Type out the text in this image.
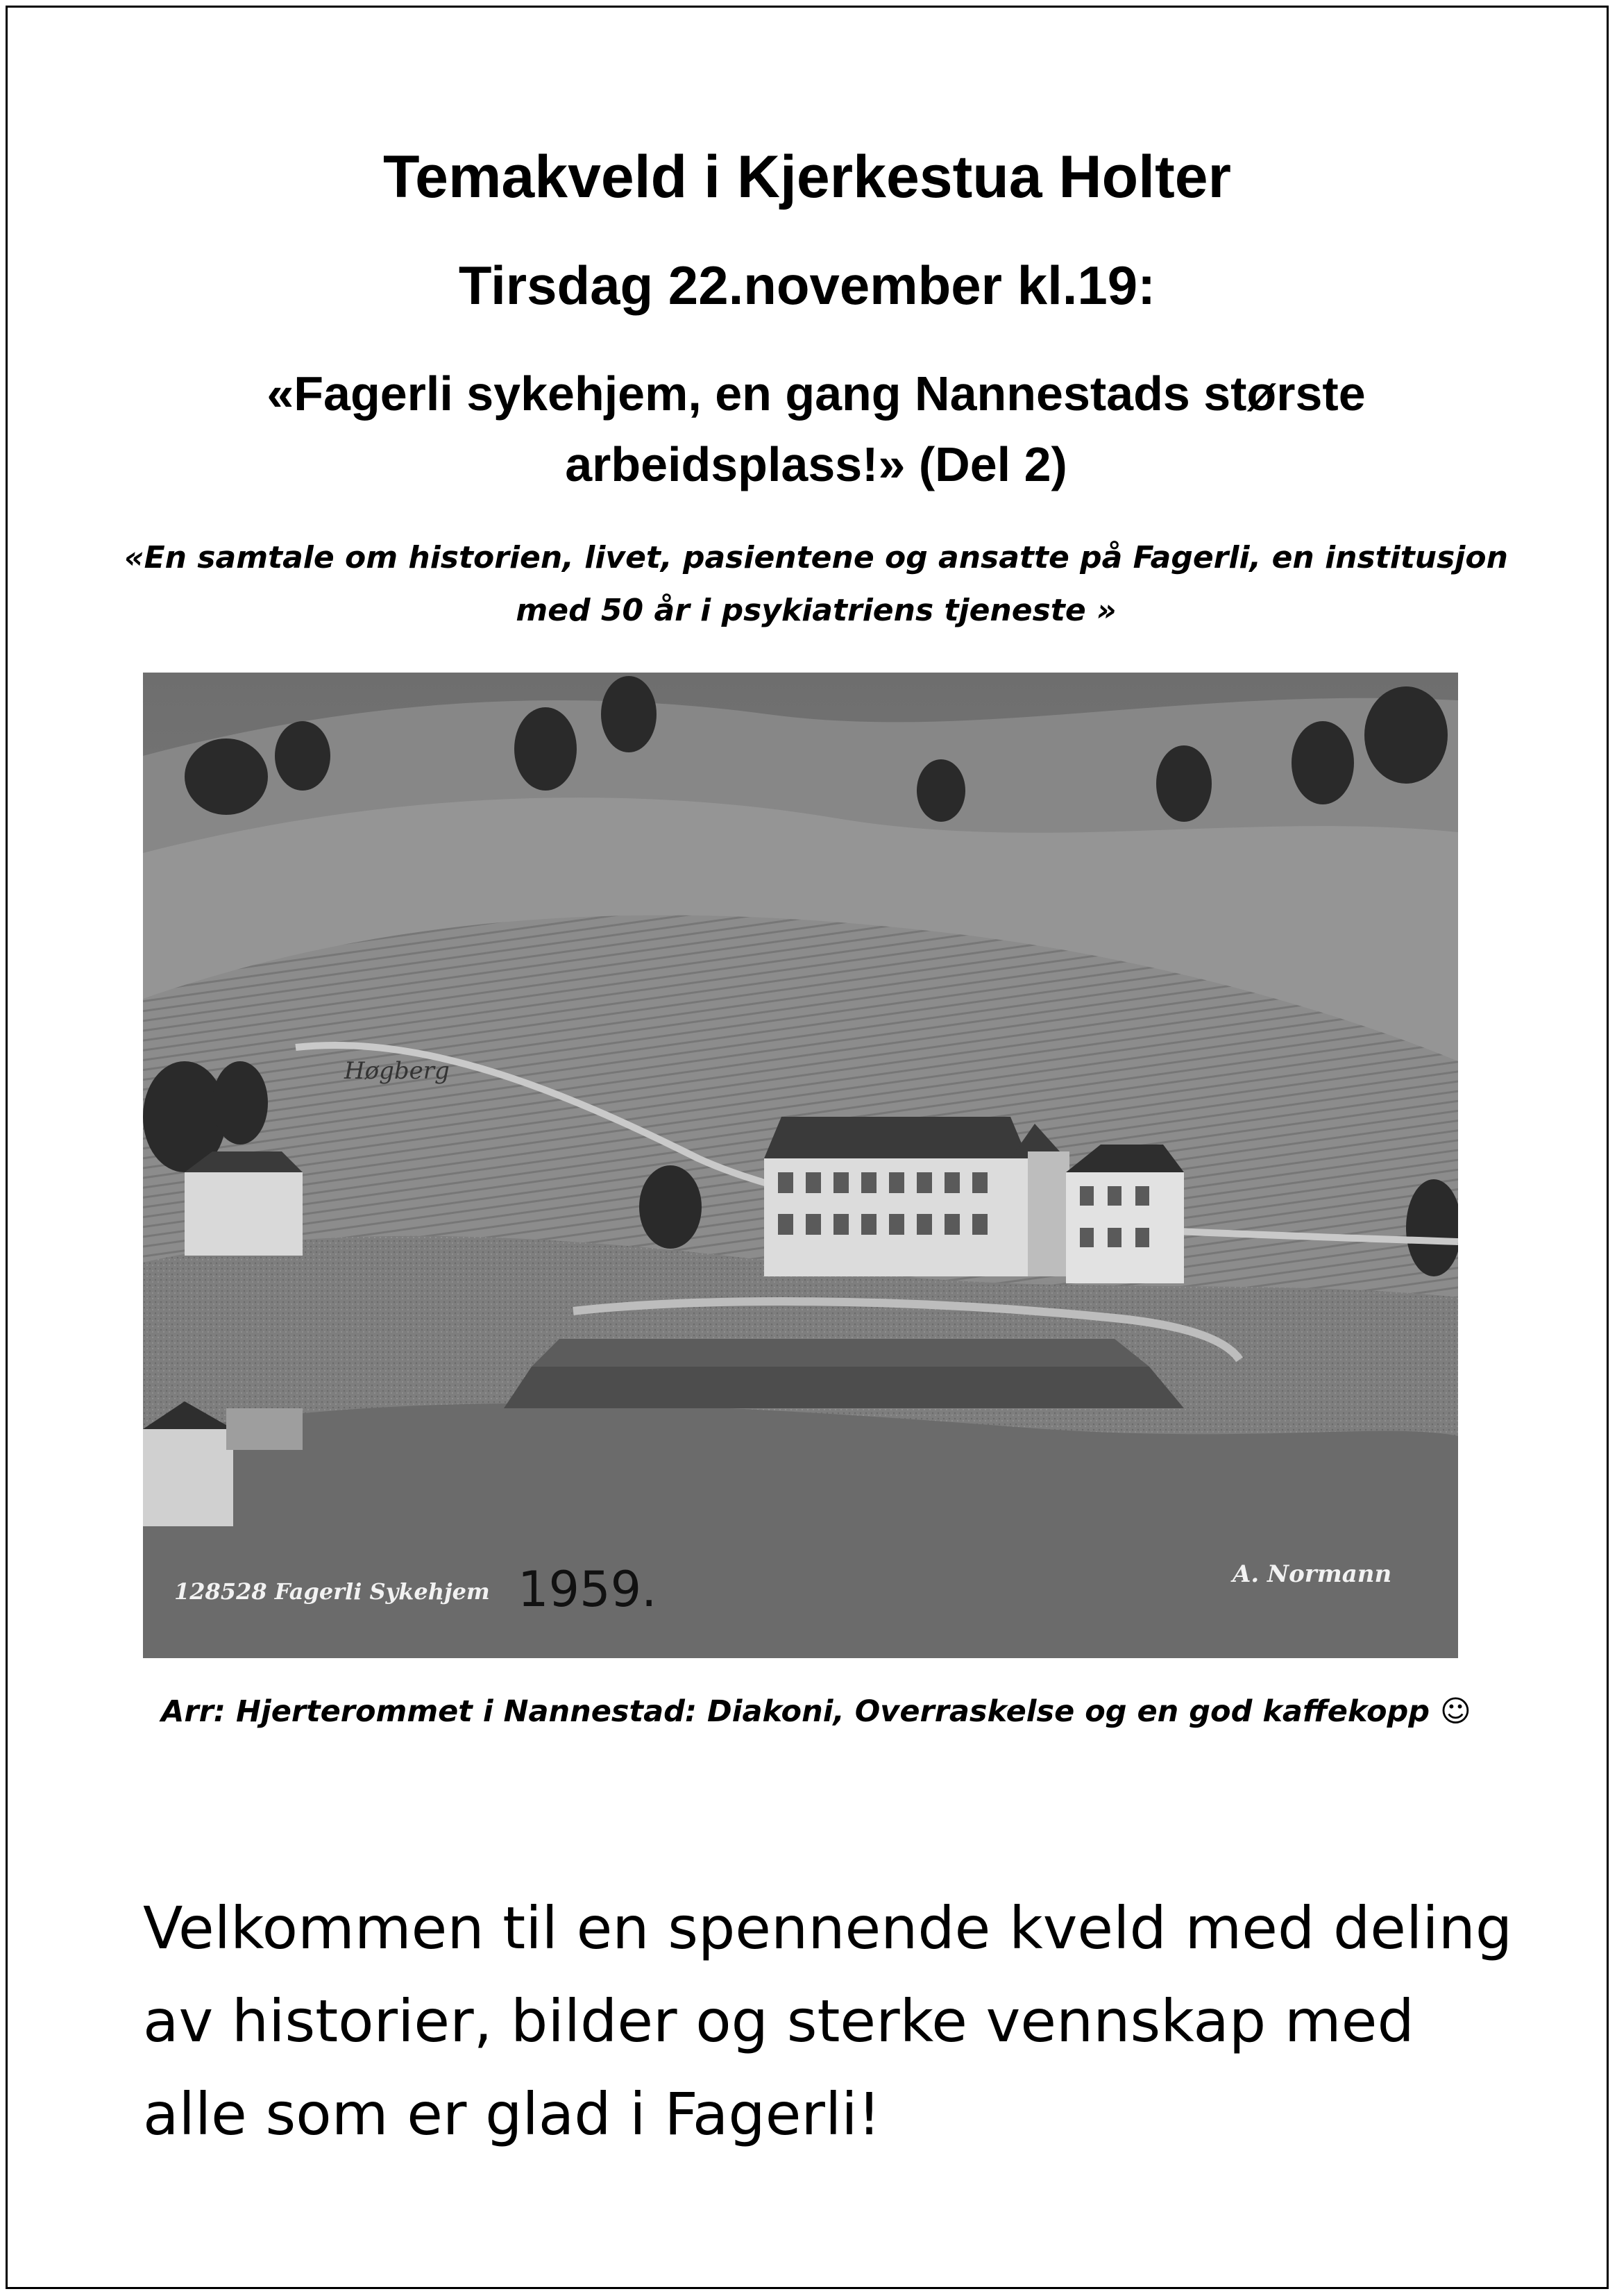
Temakveld i Kjerkestua Holter
Tirsdag 22.november kl.19:
«Fagerli sykehjem, en gang Nannestads største arbeidsplass!» (Del 2)

«En samtale om historien, livet, pasientene og ansatte på Fagerli, en institusjon med 50 år i psykiatriens tjeneste »

128528 Fagerli Sykehjem 1959.
Høgberg
A. Normann

Arr: Hjerterommet i Nannestad: Diakoni, Overraskelse og en god kaffekopp ☺

Velkommen til en spennende kveld med deling av historier, bilder og sterke vennskap med alle som er glad i Fagerli!
